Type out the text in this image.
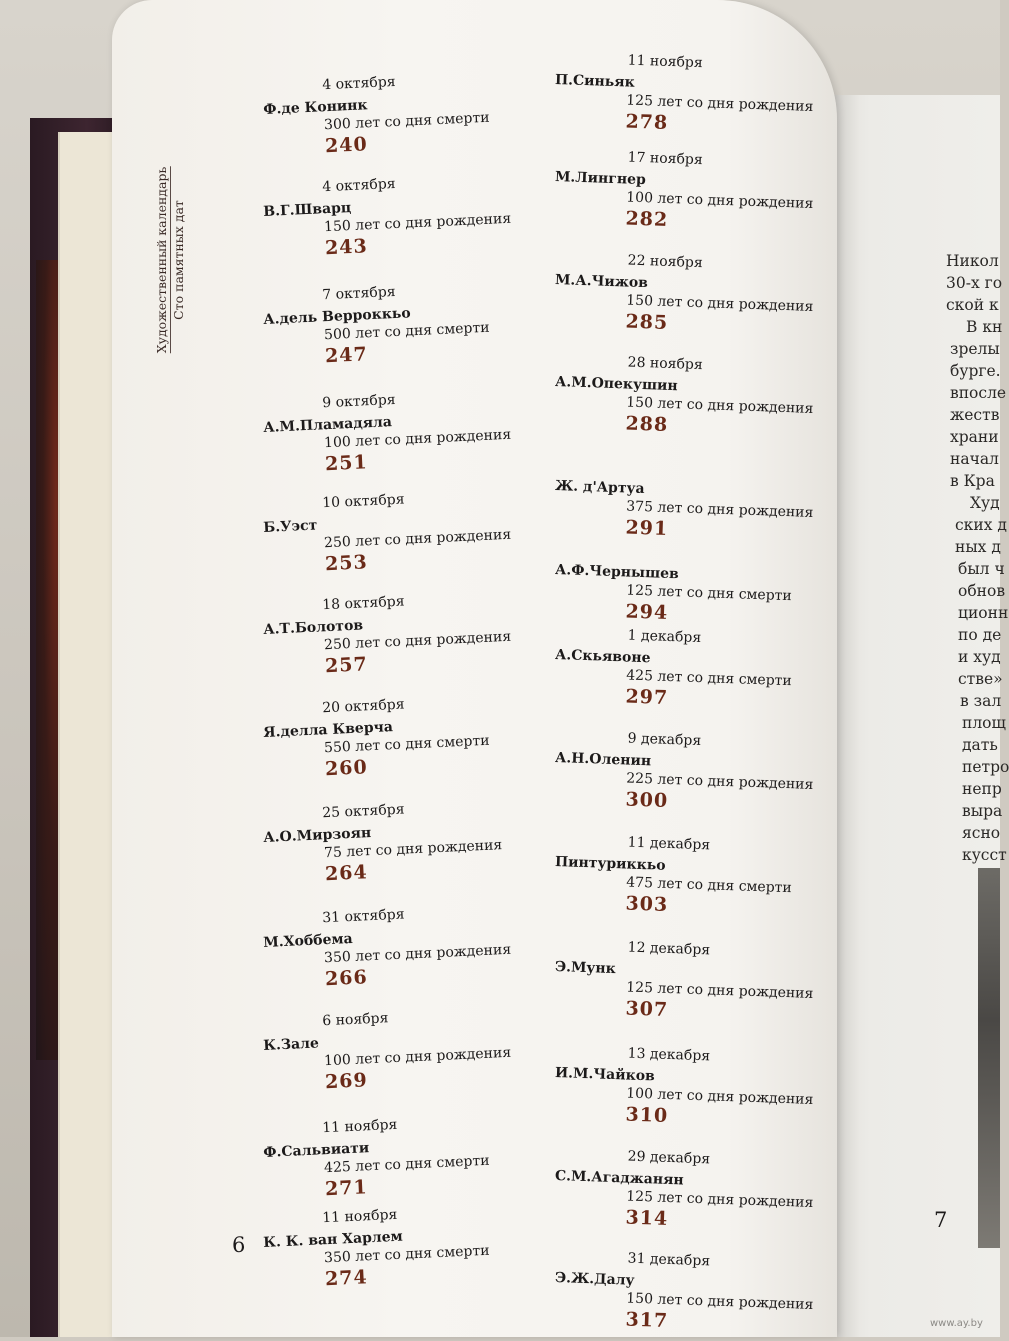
Художественный календарь Сто памятных дат
4 октября
Ф.де Конинк
300 лет со дня смерти
240
4 октября
В.Г.Шварц
150 лет со дня рождения
243
7 октября
А.дель Верроккьо
500 лет со дня смерти
247
9 октября
А.М.Пламадяла
100 лет со дня рождения
251
10 октября
Б.Уэст
250 лет со дня рождения
253
18 октября
А.Т.Болотов
250 лет со дня рождения
257
20 октября
Я.делла Кверча
550 лет со дня смерти
260
25 октября
А.О.Мирзоян
75 лет со дня рождения
264
31 октября
М.Хоббема
350 лет со дня рождения
266
6 ноября
К.Зале
100 лет со дня рождения
269
11 ноября
Ф.Сальвиати
425 лет со дня смерти
271
11 ноября
К. К. ван Харлем
350 лет со дня смерти
274
11 ноября
П.Синьяк
125 лет со дня рождения
278
17 ноября
М.Лингнер
100 лет со дня рождения
282
22 ноября
М.А.Чижов
150 лет со дня рождения
285
28 ноября
А.М.Опекушин
150 лет со дня рождения
288
Ж. д'Артуа
375 лет со дня рождения
291
А.Ф.Чернышев
125 лет со дня смерти
294
1 декабря
А.Скьявоне
425 лет со дня смерти
297
9 декабря
А.Н.Оленин
225 лет со дня рождения
300
11 декабря
Пинтуриккьо
475 лет со дня смерти
303
12 декабря
Э.Мунк
125 лет со дня рождения
307
13 декабря
И.М.Чайков
100 лет со дня рождения
310
29 декабря
С.М.Агаджанян
125 лет со дня рождения
314
31 декабря
Э.Ж.Далу
150 лет со дня рождения
317
6
7
Никол
30-х го
ской к
В кн
зрелы
бурге.
впосле
жеств
храни
начал
в Кра
Худ
ских д
ных д
был ч
обнов
ционн
по де
и худ
стве»
в зал
площ
дать
петро
непр
выра
ясно
кусст
www.ay.by
